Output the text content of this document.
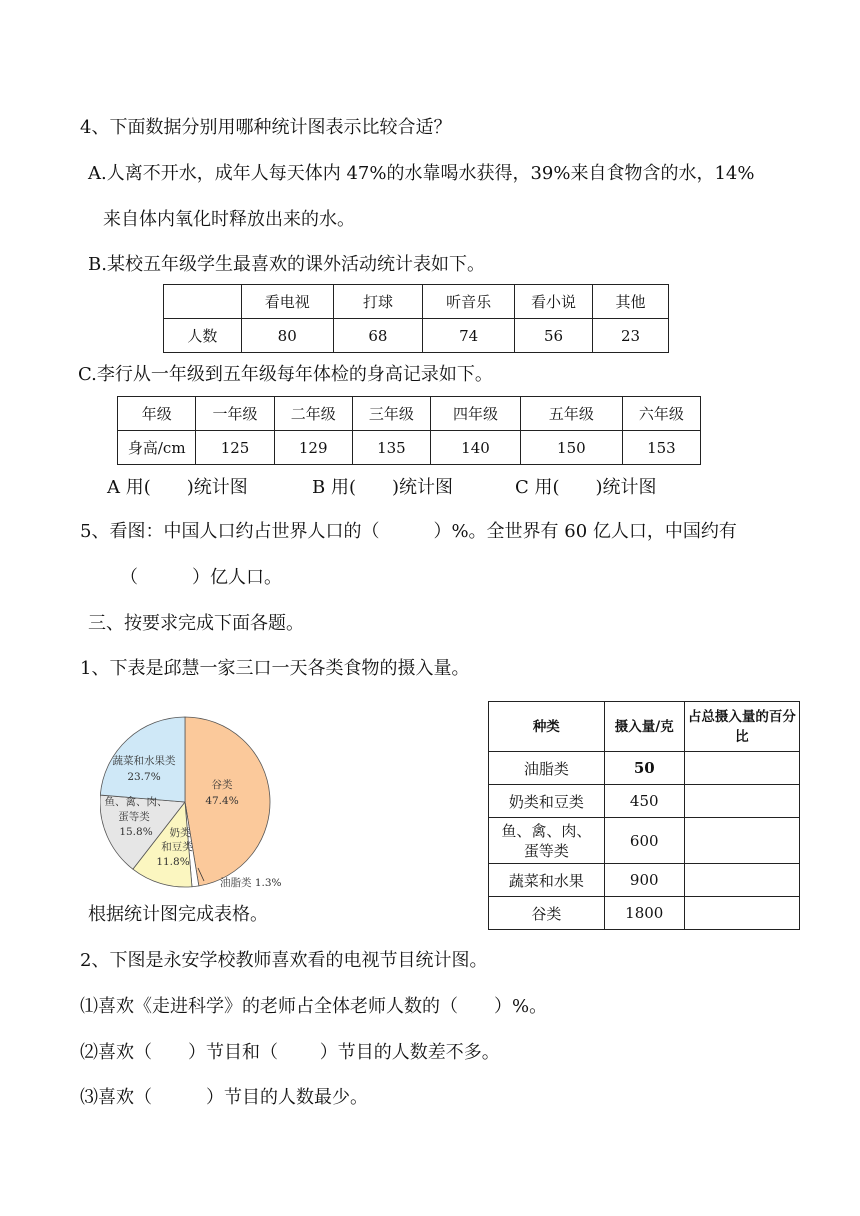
4、下面数据分别用哪种统计图表示比较合适？
A.人离不开水，成年人每天体内 47%的水靠喝水获得，39%来自食物含的水，14%
来自体内氧化时释放出来的水。
B.某校五年级学生最喜欢的课外活动统计表如下。
	看电视	打球	听音乐	看小说	其他
人数	80	68	74	56	23
C.李行从一年级到五年级每年体检的身高记录如下。
年级	一年级	二年级	三年级	四年级	五年级	六年级
身高/cm	125	129	135	140	150	153
A 用(　　)统计图	B 用(　　)统计图	C 用(　　)统计图
5、看图：中国人口约占世界人口的（　　　）%。全世界有 60 亿人口，中国约有
（　　　）亿人口。
三、按要求完成下面各题。
1、下表是邱慧一家三口一天各类食物的摄入量。
谷类
47.4%
蔬菜和水果类
23.7%
鱼、禽、肉、
蛋等类
15.8% 奶类
和豆类
11.8%
油脂类 1.3%
根据统计图完成表格。
种类	摄入量/克	占总摄入量的百分比
油脂类	50	
奶类和豆类	450	
鱼、禽、肉、蛋等类	600	
蔬菜和水果	900	
谷类	1800	
2、下图是永安学校教师喜欢看的电视节目统计图。
⑴喜欢《走进科学》的老师占全体老师人数的（　　）%。
⑵喜欢（　　）节目和（　　 ）节目的人数差不多。
⑶喜欢（　　　）节目的人数最少。
